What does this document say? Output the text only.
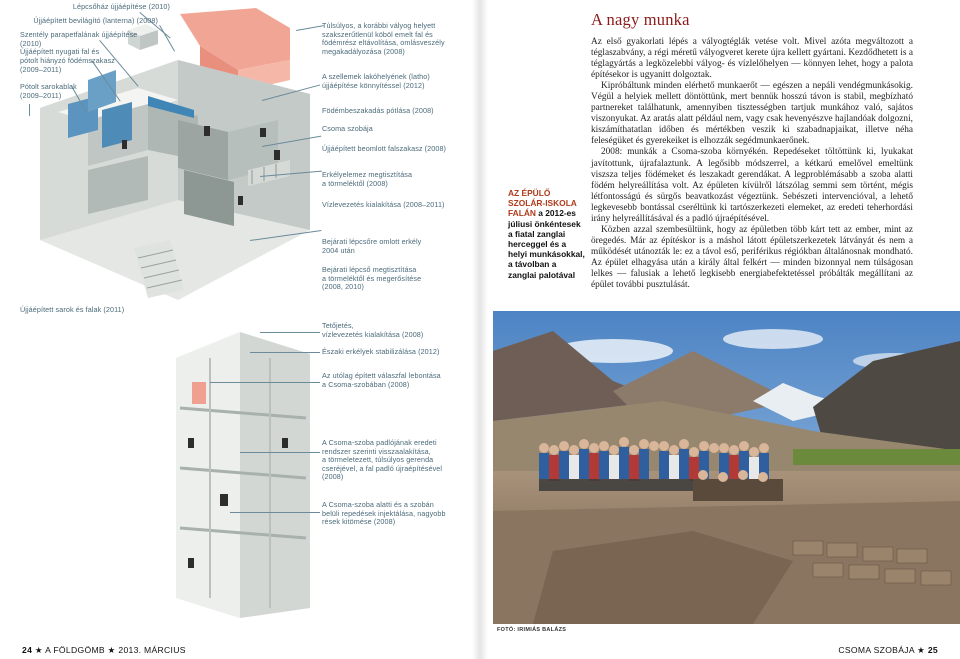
Lépcsőház újjáépítése (2010)
Újjáépített bevilágító (lanterna) (2008)
Szentély parapetfalának újjáépítése (2010)
Újjáépített nyugati fal és
pótolt hiányzó födémszakasz
(2009–2011)
Pótolt sarokablak
(2009–2011)
Újjáépített sarok és falak (2011)
Túlsúlyos, a korábbi vályog helyett
szakszerűtlenül köböl emelt fal és
födémrész eltávolítása, omlásveszély
megakadályozása (2008)
A szellemek lakóhelyének (latho)
újjáépítése könnyítéssel (2012)
Födémbeszakadás pótlása (2008)
Csoma szobája
Újjáépített beomlott falszakasz (2008)
Erkélyelemez megtisztítása
a törmeléktől (2008)
Vízlevezetés kialakítása (2008–2011)
Bejárati lépcsőre omlott erkély
2004 után
Bejárati lépcső megtisztítása
a törmeléktől és megerősítése
(2008, 2010)
Tetőjetés,
vízlevezetés kialakítása (2008)
Északi erkélyek stabilizálása (2012)
Az utólag épített válaszfal lebontása
a Csoma-szobában (2008)
A Csoma-szoba padlójának eredeti
rendszer szerinti visszaalakítása,
a törmeletezett, túlsúlyos gerenda
cseréjével, a fal padló újraépítésével
(2008)
A Csoma-szoba alatti és a szobán
belüli repedések injektálása, nagyobb
rések kitömése (2008)
24 ★ A FÖLDGÖMB ★ 2013. MÁRCIUS
A nagy munka

Az első gyakorlati lépés a vályogtéglák vetése volt. Mivel azóta megváltozott a téglaszabvány, a régi méretű vályogveret kerete újra kellett gyártani. Kezdődhetett is a téglagyártás a legközelebbi vályog- és vízlelőhelyen — könnyen lehet, hogy a palota építésekor is ugyanitt dolgoztak.

Kipróbáltunk minden elérhető munkaerőt — egészen a nepáli vendégmunkásokig. Végül a helyiek mellett döntöttünk, mert bennük hosszú távon is stabil, megbízható partnereket találhatunk, amennyiben tisztességben tartjuk munkához való, sajátos viszonyukat. Az aratás alatt például nem, vagy csak hevenyészve hajlandóak dolgozni, kiszámíthatatlan időben és mértékben veszik ki szabadnapjaikat, illetve néha feleségüket és gyerekeiket is elhozzák segédmunkaerőnek.

2008: munkák a Csoma-szoba környékén. Repedéseket töltöttünk ki, lyukakat javítottunk, újrafalaztunk. A legősibb módszerrel, a kétkarú emelővel emeltünk viszsza teljes födémeket és leszakadt gerendákat. A legproblémásabb a szoba alatti födém helyreállítása volt. Az épületen kívülről látszólag semmi sem történt, mégis létfontosságú és sürgős beavatkozást végeztünk. Sebészeti intervencióval, a lehető legkevesebb bontással cseréltünk ki tartószerkezeti elemeket, az eredeti teherhordási irány helyreállításával és a padló újraépítésével.

Közben azzal szembesültünk, hogy az épületben több kárt tett az ember, mint az öregedés. Már az építéskor is a máshol látott épületszerkezetek látványát és nem a működését utánozták le: ez a távol eső, periférikus régiókban általánosnak mondható. Az épület elhagyása után a király által felkért — minden bizonnyal nem túlságosan lelkes — falusiak a lehető legkisebb energiabefektetéssel próbálták megállítani az épület további pusztulását.

AZ ÉPÜLŐ SZOLÁR-ISKOLA FALÁN a 2012-es júliusi önkéntesek a fiatal zanglai herceggel és a helyi munkásokkal, a távolban a zanglai palotával
FOTÓ: IRIMIÁS BALÁZS
CSOMA SZOBÁJA ★ 25
